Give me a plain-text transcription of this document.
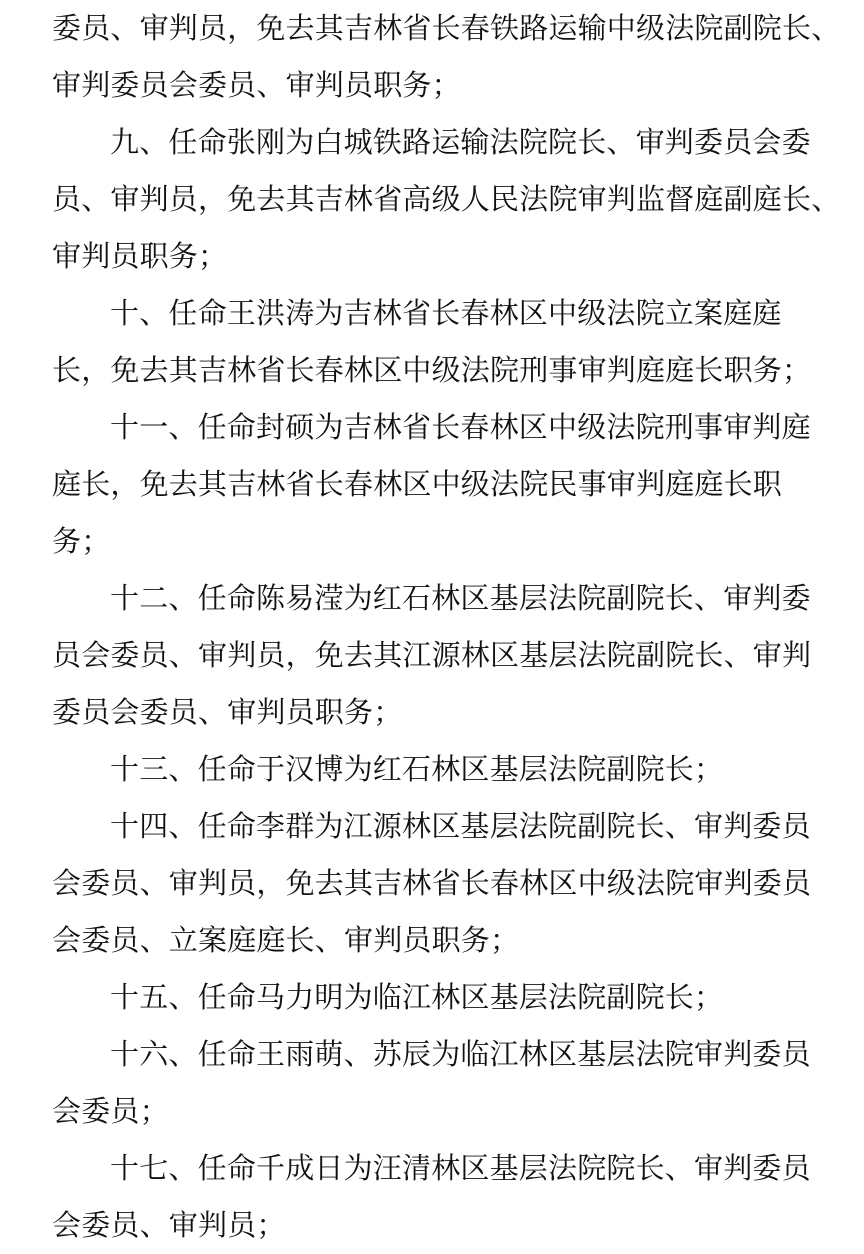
委员、审判员，免去其吉林省长春铁路运输中级法院副院长、
审判委员会委员、审判员职务；
九、任命张刚为白城铁路运输法院院长、审判委员会委
员、审判员，免去其吉林省高级人民法院审判监督庭副庭长、
审判员职务；
十、任命王洪涛为吉林省长春林区中级法院立案庭庭
长，免去其吉林省长春林区中级法院刑事审判庭庭长职务；
十一、任命封硕为吉林省长春林区中级法院刑事审判庭
庭长，免去其吉林省长春林区中级法院民事审判庭庭长职
务；
十二、任命陈易滢为红石林区基层法院副院长、审判委
员会委员、审判员，免去其江源林区基层法院副院长、审判
委员会委员、审判员职务；
十三、任命于汉博为红石林区基层法院副院长；
十四、任命李群为江源林区基层法院副院长、审判委员
会委员、审判员，免去其吉林省长春林区中级法院审判委员
会委员、立案庭庭长、审判员职务；
十五、任命马力明为临江林区基层法院副院长；
十六、任命王雨萌、苏辰为临江林区基层法院审判委员
会委员；
十七、任命千成日为汪清林区基层法院院长、审判委员
会委员、审判员；
